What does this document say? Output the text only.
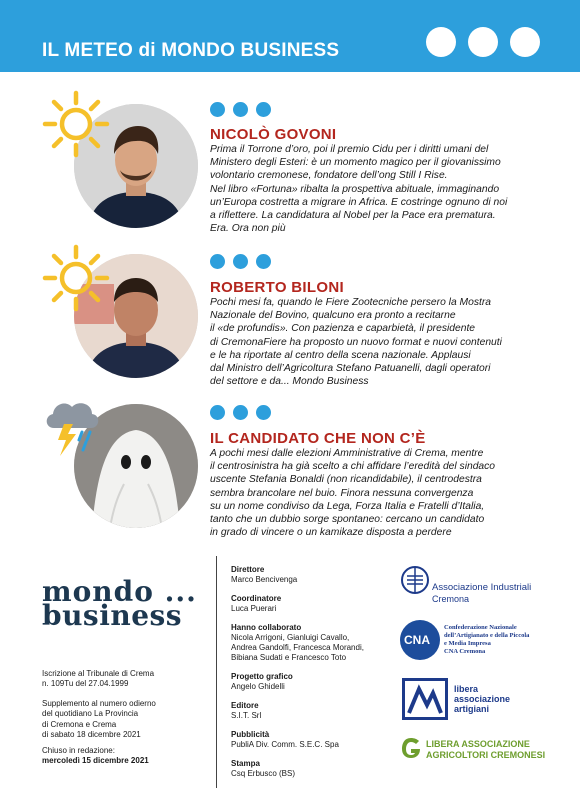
IL METEO di MONDO BUSINESS
NICOLÒ GOVONI
Prima il Torrone d’oro, poi il premio Cidu per i diritti umani del
Ministero degli Esteri: è un momento magico per il giovanissimo
volontario cremonese, fondatore dell’ong Still I Rise.
Nel libro «Fortuna» ribalta la prospettiva abituale, immaginando
un’Europa costretta a migrare in Africa. E costringe ognuno di noi
a riflettere. La candidatura al Nobel per la Pace era prematura.
Era. Ora non più
ROBERTO BILONI
Pochi mesi fa, quando le Fiere Zootecniche persero la Mostra
Nazionale del Bovino, qualcuno era pronto a recitarne
il «de profundis». Con pazienza e caparbietà, il presidente
di CremonaFiere ha proposto un nuovo format e nuovi contenuti
e le ha riportate al centro della scena nazionale. Applausi
dal Ministro dell’Agricoltura Stefano Patuanelli, dagli operatori
del settore e da... Mondo Business
IL CANDIDATO CHE NON C’È
A pochi mesi dalle elezioni Amministrative di Crema, mentre
il centrosinistra ha già scelto a chi affidare l’eredità del sindaco
uscente Stefania Bonaldi (non ricandidabile), il centrodestra
sembra brancolare nel buio. Finora nessuna convergenza
su un nome condiviso da Lega, Forza Italia e Fratelli d’Italia,
tanto che un dubbio sorge spontaneo: cercano un candidato
in grado di vincere o un kamikaze disposta a perdere
mondo ...
business
Iscrizione al Tribunale di Crema
n. 109Tu del 27.04.1999
Supplemento al numero odierno
del quotidiano La Provincia
di Cremona e Crema
di sabato 18 dicembre 2021
Chiuso in redazione:
mercoledì 15 dicembre 2021
Direttore
Marco Bencivenga
Coordinatore
Luca Puerari
Hanno collaborato
Nicola Arrigoni, Gianluigi Cavallo,
Andrea Gandolfi, Francesca Morandi,
Bibiana Sudati e Francesco Toto
Progetto grafico
Angelo Ghidelli
Editore
S.I.T. Srl
Pubblicità
PubliA Div. Comm. S.E.C. Spa
Stampa
Csq Erbusco (BS)
Associazione Industriali
Cremona
CNA
Confederazione Nazionale
dell’Artigianato e della Piccola
e Media Impresa
CNA Cremona
libera
associazione
artigiani
LIBERA ASSOCIAZIONE
AGRICOLTORI CREMONESI
